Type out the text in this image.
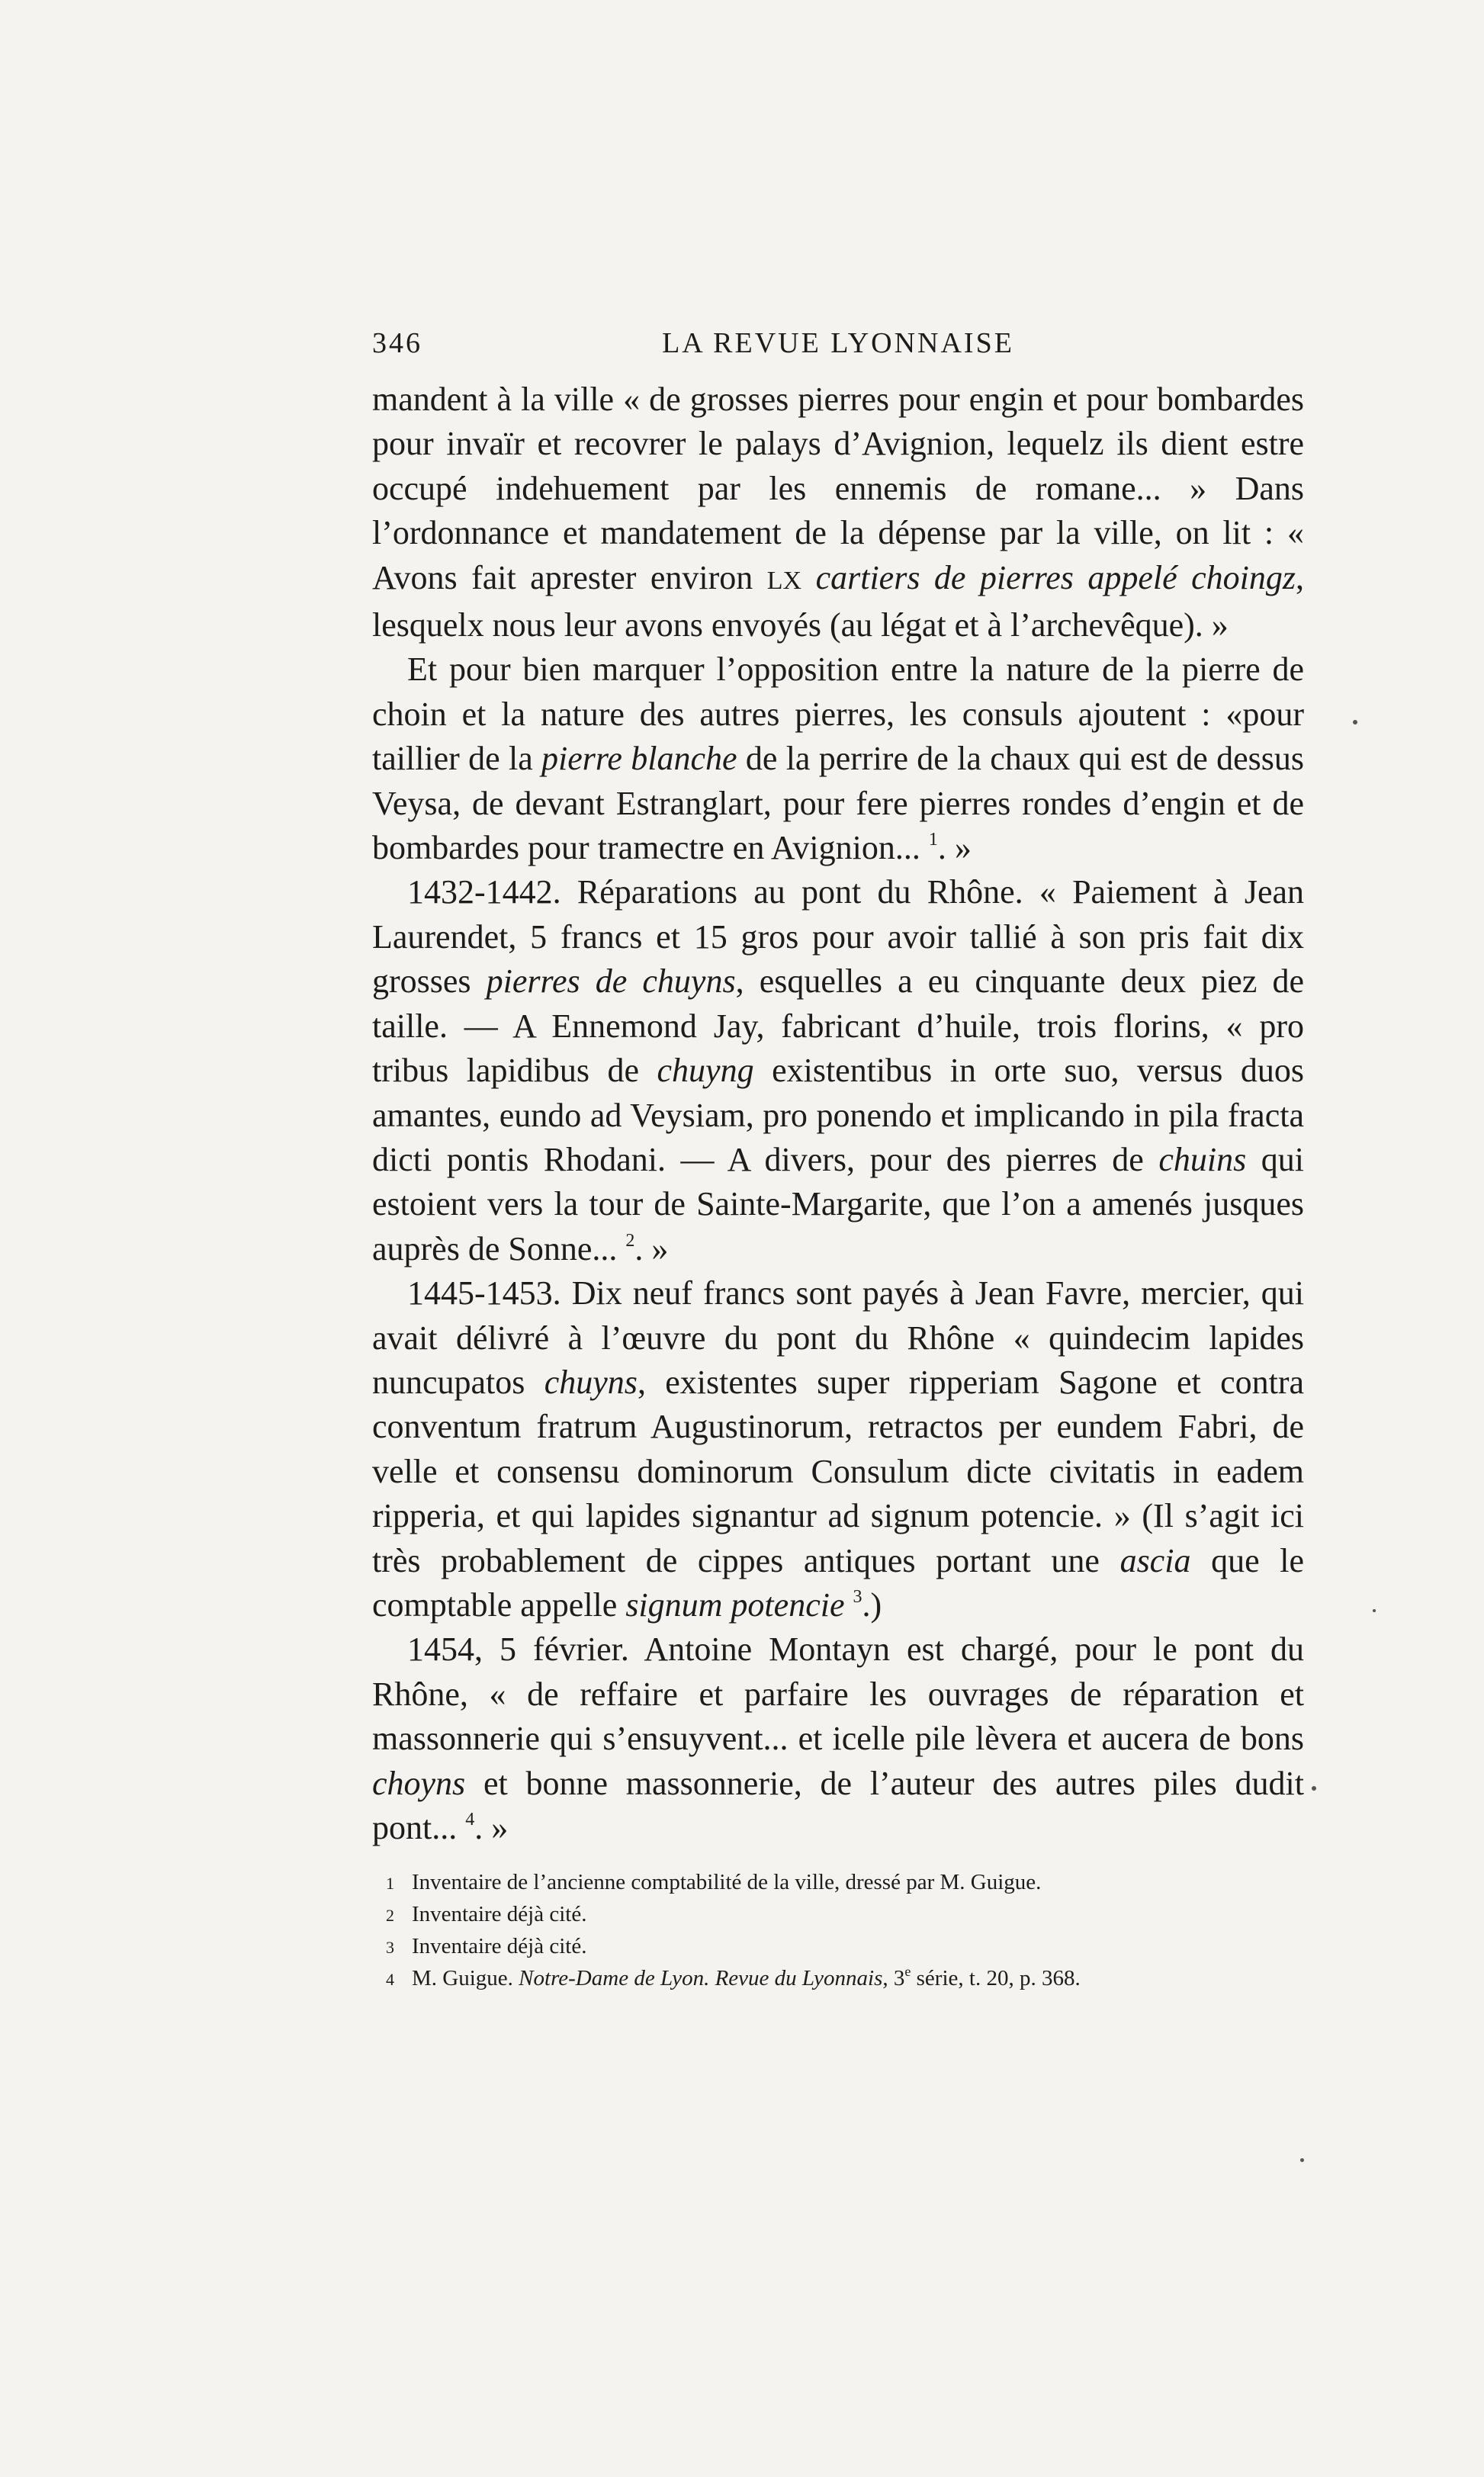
346	LA REVUE LYONNAISE

mandent à la ville « de grosses pierres pour engin et pour bombardes pour invaïr et recovrer le palays d’Avignion, lequelz ils dient estre occupé indehuement par les ennemis de romane... » Dans l’ordonnance et mandatement de la dépense par la ville, on lit : « Avons fait aprester environ LX cartiers de pierres appelé choingz, lesquelx nous leur avons envoyés (au légat et à l’archevêque). »

Et pour bien marquer l’opposition entre la nature de la pierre de choin et la nature des autres pierres, les consuls ajoutent : «pour taillier de la pierre blanche de la perrire de la chaux qui est de dessus Veysa, de devant Estranglart, pour fere pierres rondes d’engin et de bombardes pour tramectre en Avignion... $^1$. »

1432-1442. Réparations au pont du Rhône. « Paiement à Jean Laurendet, 5 francs et 15 gros pour avoir tallié à son pris fait dix grosses pierres de chuyns, esquelles a eu cinquante deux piez de taille. — A Ennemond Jay, fabricant d’huile, trois florins, « pro tribus lapidibus de chuyng existentibus in orte suo, versus duos amantes, eundo ad Veysiam, pro ponendo et implicando in pila fracta dicti pontis Rhodani. — A divers, pour des pierres de chuins qui estoient vers la tour de Sainte-Margarite, que l’on a amenés jusques auprès de Sonne... $^2$. »

1445-1453. Dix neuf francs sont payés à Jean Favre, mercier, qui avait délivré à l’œuvre du pont du Rhône « quindecim lapides nuncupatos chuyns, existentes super ripperiam Sagone et contra conventum fratrum Augustinorum, retractos per eundem Fabri, de velle et consensu dominorum Consulum dicte civitatis in eadem ripperia, et qui lapides signantur ad signum potencie. » (Il s’agit ici très probablement de cippes antiques portant une ascia que le comptable appelle signum potencie $^3$.)

1454, 5 février. Antoine Montayn est chargé, pour le pont du Rhône, « de reffaire et parfaire les ouvrages de réparation et massonnerie qui s’ensuyvent... et icelle pile lèvera et aucera de bons choyns et bonne massonnerie, de l’auteur des autres piles dudit pont... $^4$. »

1 Inventaire de l’ancienne comptabilité de la ville, dressé par M. Guigue.
2 Inventaire déjà cité.
3 Inventaire déjà cité.
4 M. Guigue. Notre-Dame de Lyon. Revue du Lyonnais, 3e série, t. 20, p. 368.
